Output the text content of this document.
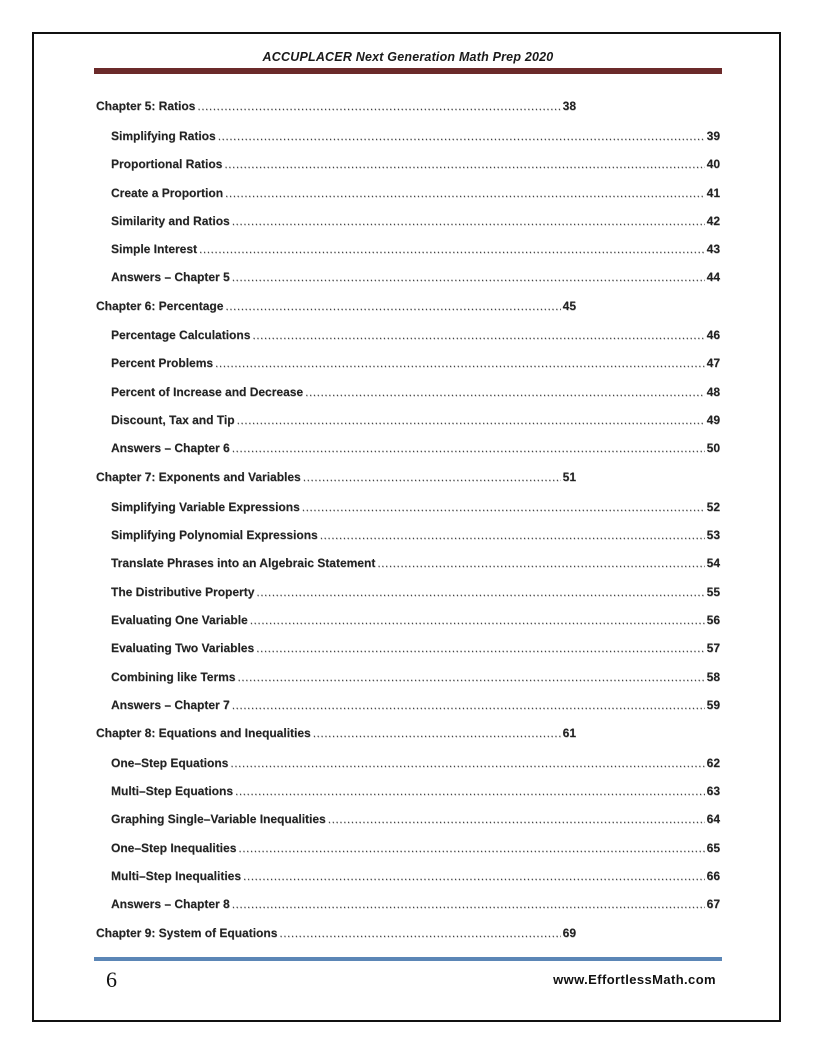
ACCUPLACER Next Generation Math Prep 2020
Chapter 5: Ratios .....	38
Simplifying Ratios .....	39
Proportional Ratios .....	40
Create a Proportion .....	41
Similarity and Ratios .....	42
Simple Interest .....	43
Answers – Chapter 5 .....	44
Chapter 6: Percentage .....	45
Percentage Calculations .....	46
Percent Problems .....	47
Percent of Increase and Decrease .....	48
Discount, Tax and Tip .....	49
Answers – Chapter 6 .....	50
Chapter 7: Exponents and Variables .....	51
Simplifying Variable Expressions .....	52
Simplifying Polynomial Expressions .....	53
Translate Phrases into an Algebraic Statement .....	54
The Distributive Property .....	55
Evaluating One Variable .....	56
Evaluating Two Variables .....	57
Combining like Terms .....	58
Answers – Chapter 7 .....	59
Chapter 8: Equations and Inequalities .....	61
One–Step Equations .....	62
Multi–Step Equations .....	63
Graphing Single–Variable Inequalities .....	64
One–Step Inequalities .....	65
Multi–Step Inequalities .....	66
Answers – Chapter 8 .....	67
Chapter 9: System of Equations .....	69
6	www.EffortlessMath.com
